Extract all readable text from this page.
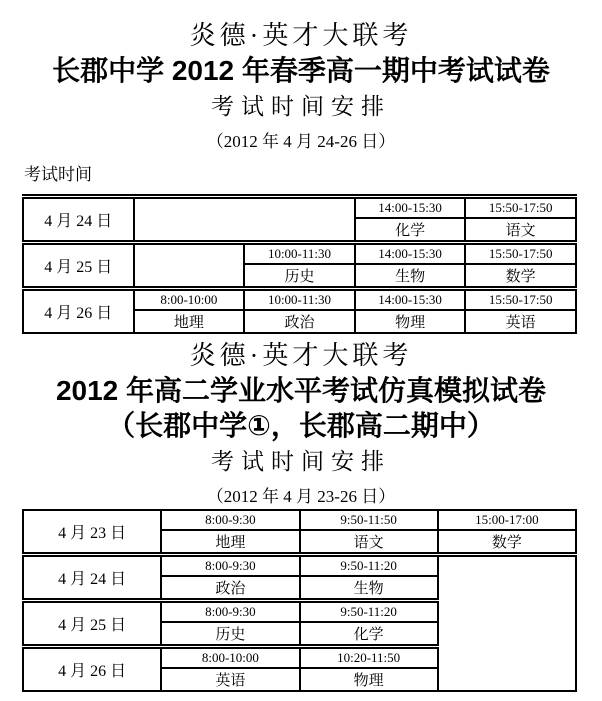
炎德·英才大联考
长郡中学 2012 年春季高一期中考试试卷
考试时间安排
（2012 年 4 月 24-26 日）
考试时间
4 月 24 日			14:00-15:30	15:50-17:50
			化学	语文
4 月 25 日		10:00-11:30	14:00-15:30	15:50-17:50
		历史	生物	数学
4 月 26 日	8:00-10:00	10:00-11:30	14:00-15:30	15:50-17:50
	地理	政治	物理	英语
炎德·英才大联考
2012 年高二学业水平考试仿真模拟试卷
（长郡中学①，长郡高二期中）
考试时间安排
（2012 年 4 月 23-26 日）
4 月 23 日	8:00-9:30	9:50-11:50	15:00-17:00
	地理	语文	数学
4 月 24 日	8:00-9:30	9:50-11:20	
	政治	生物	
4 月 25 日	8:00-9:30	9:50-11:20	
	历史	化学	
4 月 26 日	8:00-10:00	10:20-11:50	
	英语	物理	
